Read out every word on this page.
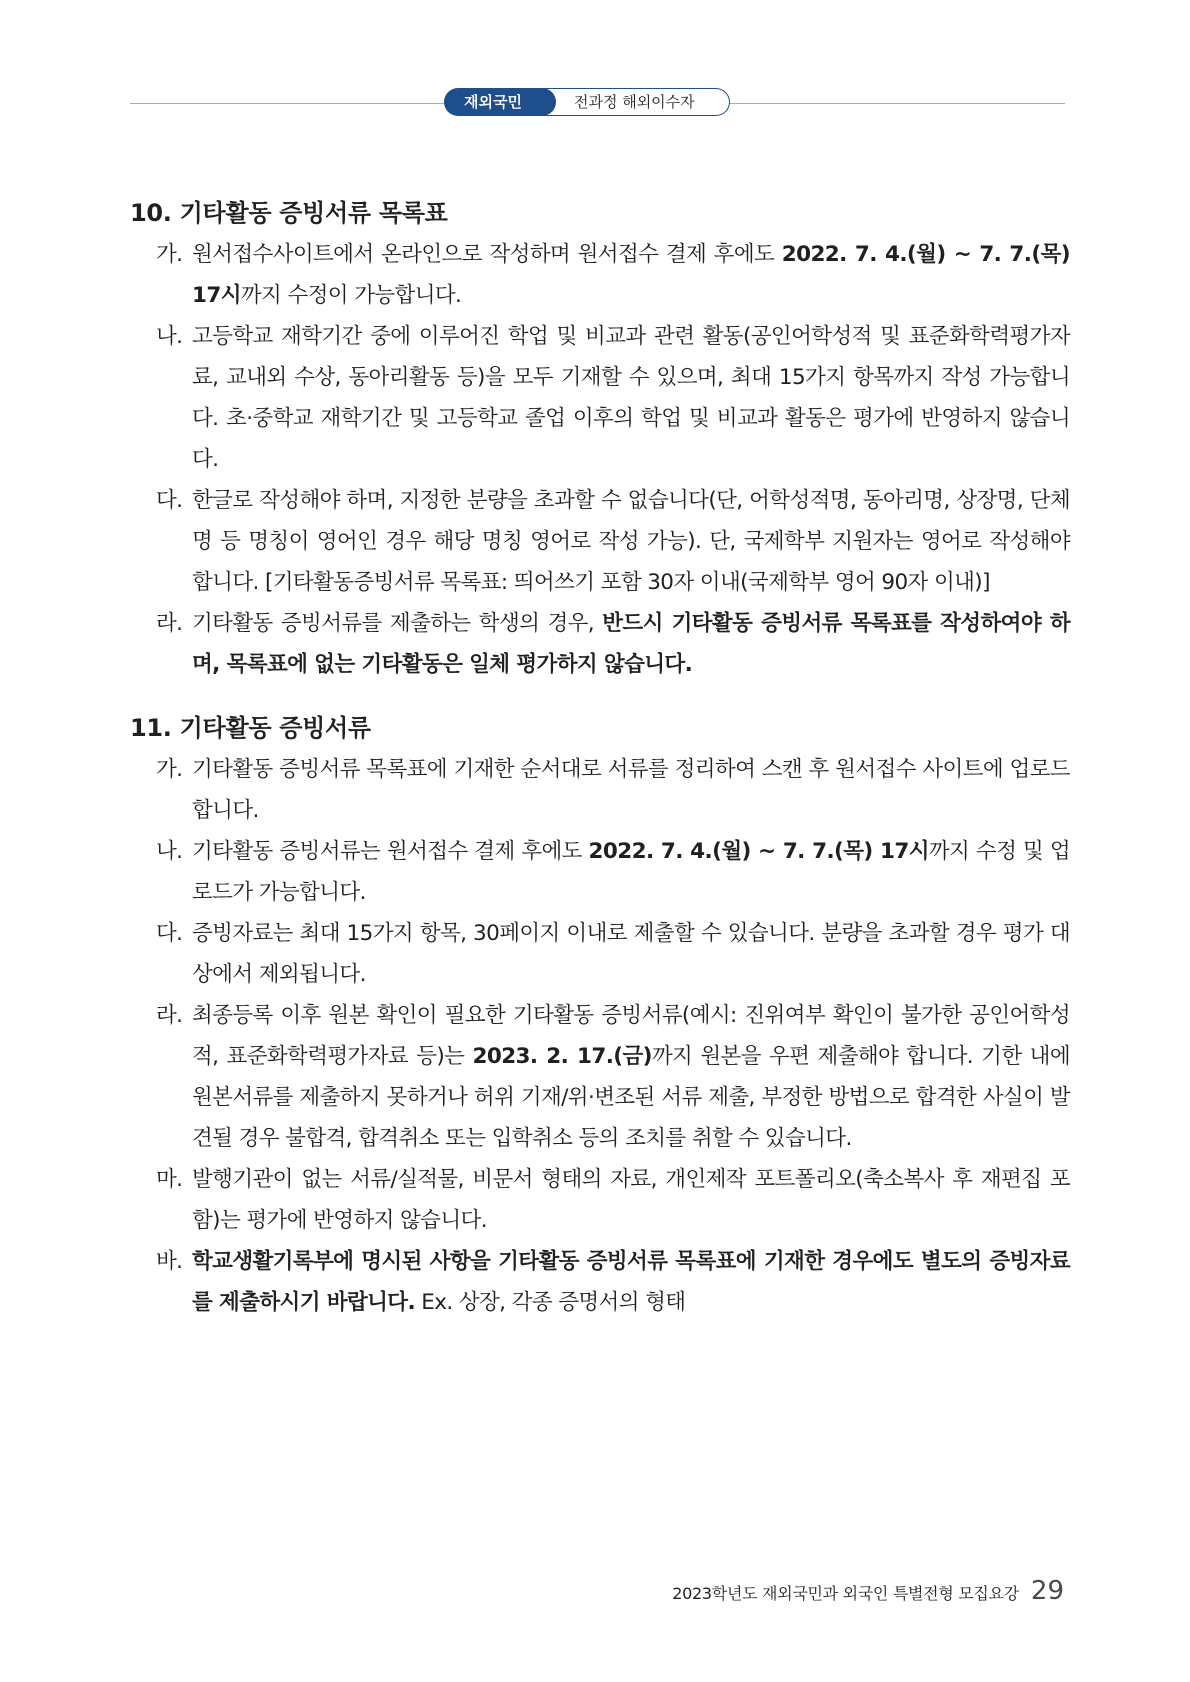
재외국민	전과정 해외이수자
10. 기타활동 증빙서류 목록표
가. 원서접수사이트에서 온라인으로 작성하며 원서접수 결제 후에도 2022. 7. 4.(월) ~ 7. 7.(목) 17시까지 수정이 가능합니다.
나. 고등학교 재학기간 중에 이루어진 학업 및 비교과 관련 활동(공인어학성적 및 표준화학력평가자료, 교내외 수상, 동아리활동 등)을 모두 기재할 수 있으며, 최대 15가지 항목까지 작성 가능합니다. 초·중학교 재학기간 및 고등학교 졸업 이후의 학업 및 비교과 활동은 평가에 반영하지 않습니다.
다. 한글로 작성해야 하며, 지정한 분량을 초과할 수 없습니다(단, 어학성적명, 동아리명, 상장명, 단체명 등 명칭이 영어인 경우 해당 명칭 영어로 작성 가능). 단, 국제학부 지원자는 영어로 작성해야 합니다. [기타활동증빙서류 목록표: 띄어쓰기 포함 30자 이내(국제학부 영어 90자 이내)]
라. 기타활동 증빙서류를 제출하는 학생의 경우, 반드시 기타활동 증빙서류 목록표를 작성하여야 하며, 목록표에 없는 기타활동은 일체 평가하지 않습니다.
11. 기타활동 증빙서류
가. 기타활동 증빙서류 목록표에 기재한 순서대로 서류를 정리하여 스캔 후 원서접수 사이트에 업로드 합니다.
나. 기타활동 증빙서류는 원서접수 결제 후에도 2022. 7. 4.(월) ~ 7. 7.(목) 17시까지 수정 및 업로드가 가능합니다.
다. 증빙자료는 최대 15가지 항목, 30페이지 이내로 제출할 수 있습니다. 분량을 초과할 경우 평가 대상에서 제외됩니다.
라. 최종등록 이후 원본 확인이 필요한 기타활동 증빙서류(예시: 진위여부 확인이 불가한 공인어학성적, 표준화학력평가자료 등)는 2023. 2. 17.(금)까지 원본을 우편 제출해야 합니다. 기한 내에 원본서류를 제출하지 못하거나 허위 기재/위·변조된 서류 제출, 부정한 방법으로 합격한 사실이 발견될 경우 불합격, 합격취소 또는 입학취소 등의 조치를 취할 수 있습니다.
마. 발행기관이 없는 서류/실적물, 비문서 형태의 자료, 개인제작 포트폴리오(축소복사 후 재편집 포함)는 평가에 반영하지 않습니다.
바. 학교생활기록부에 명시된 사항을 기타활동 증빙서류 목록표에 기재한 경우에도 별도의 증빙자료를 제출하시기 바랍니다. Ex. 상장, 각종 증명서의 형태
2023학년도 재외국민과 외국인 특별전형 모집요강 29
